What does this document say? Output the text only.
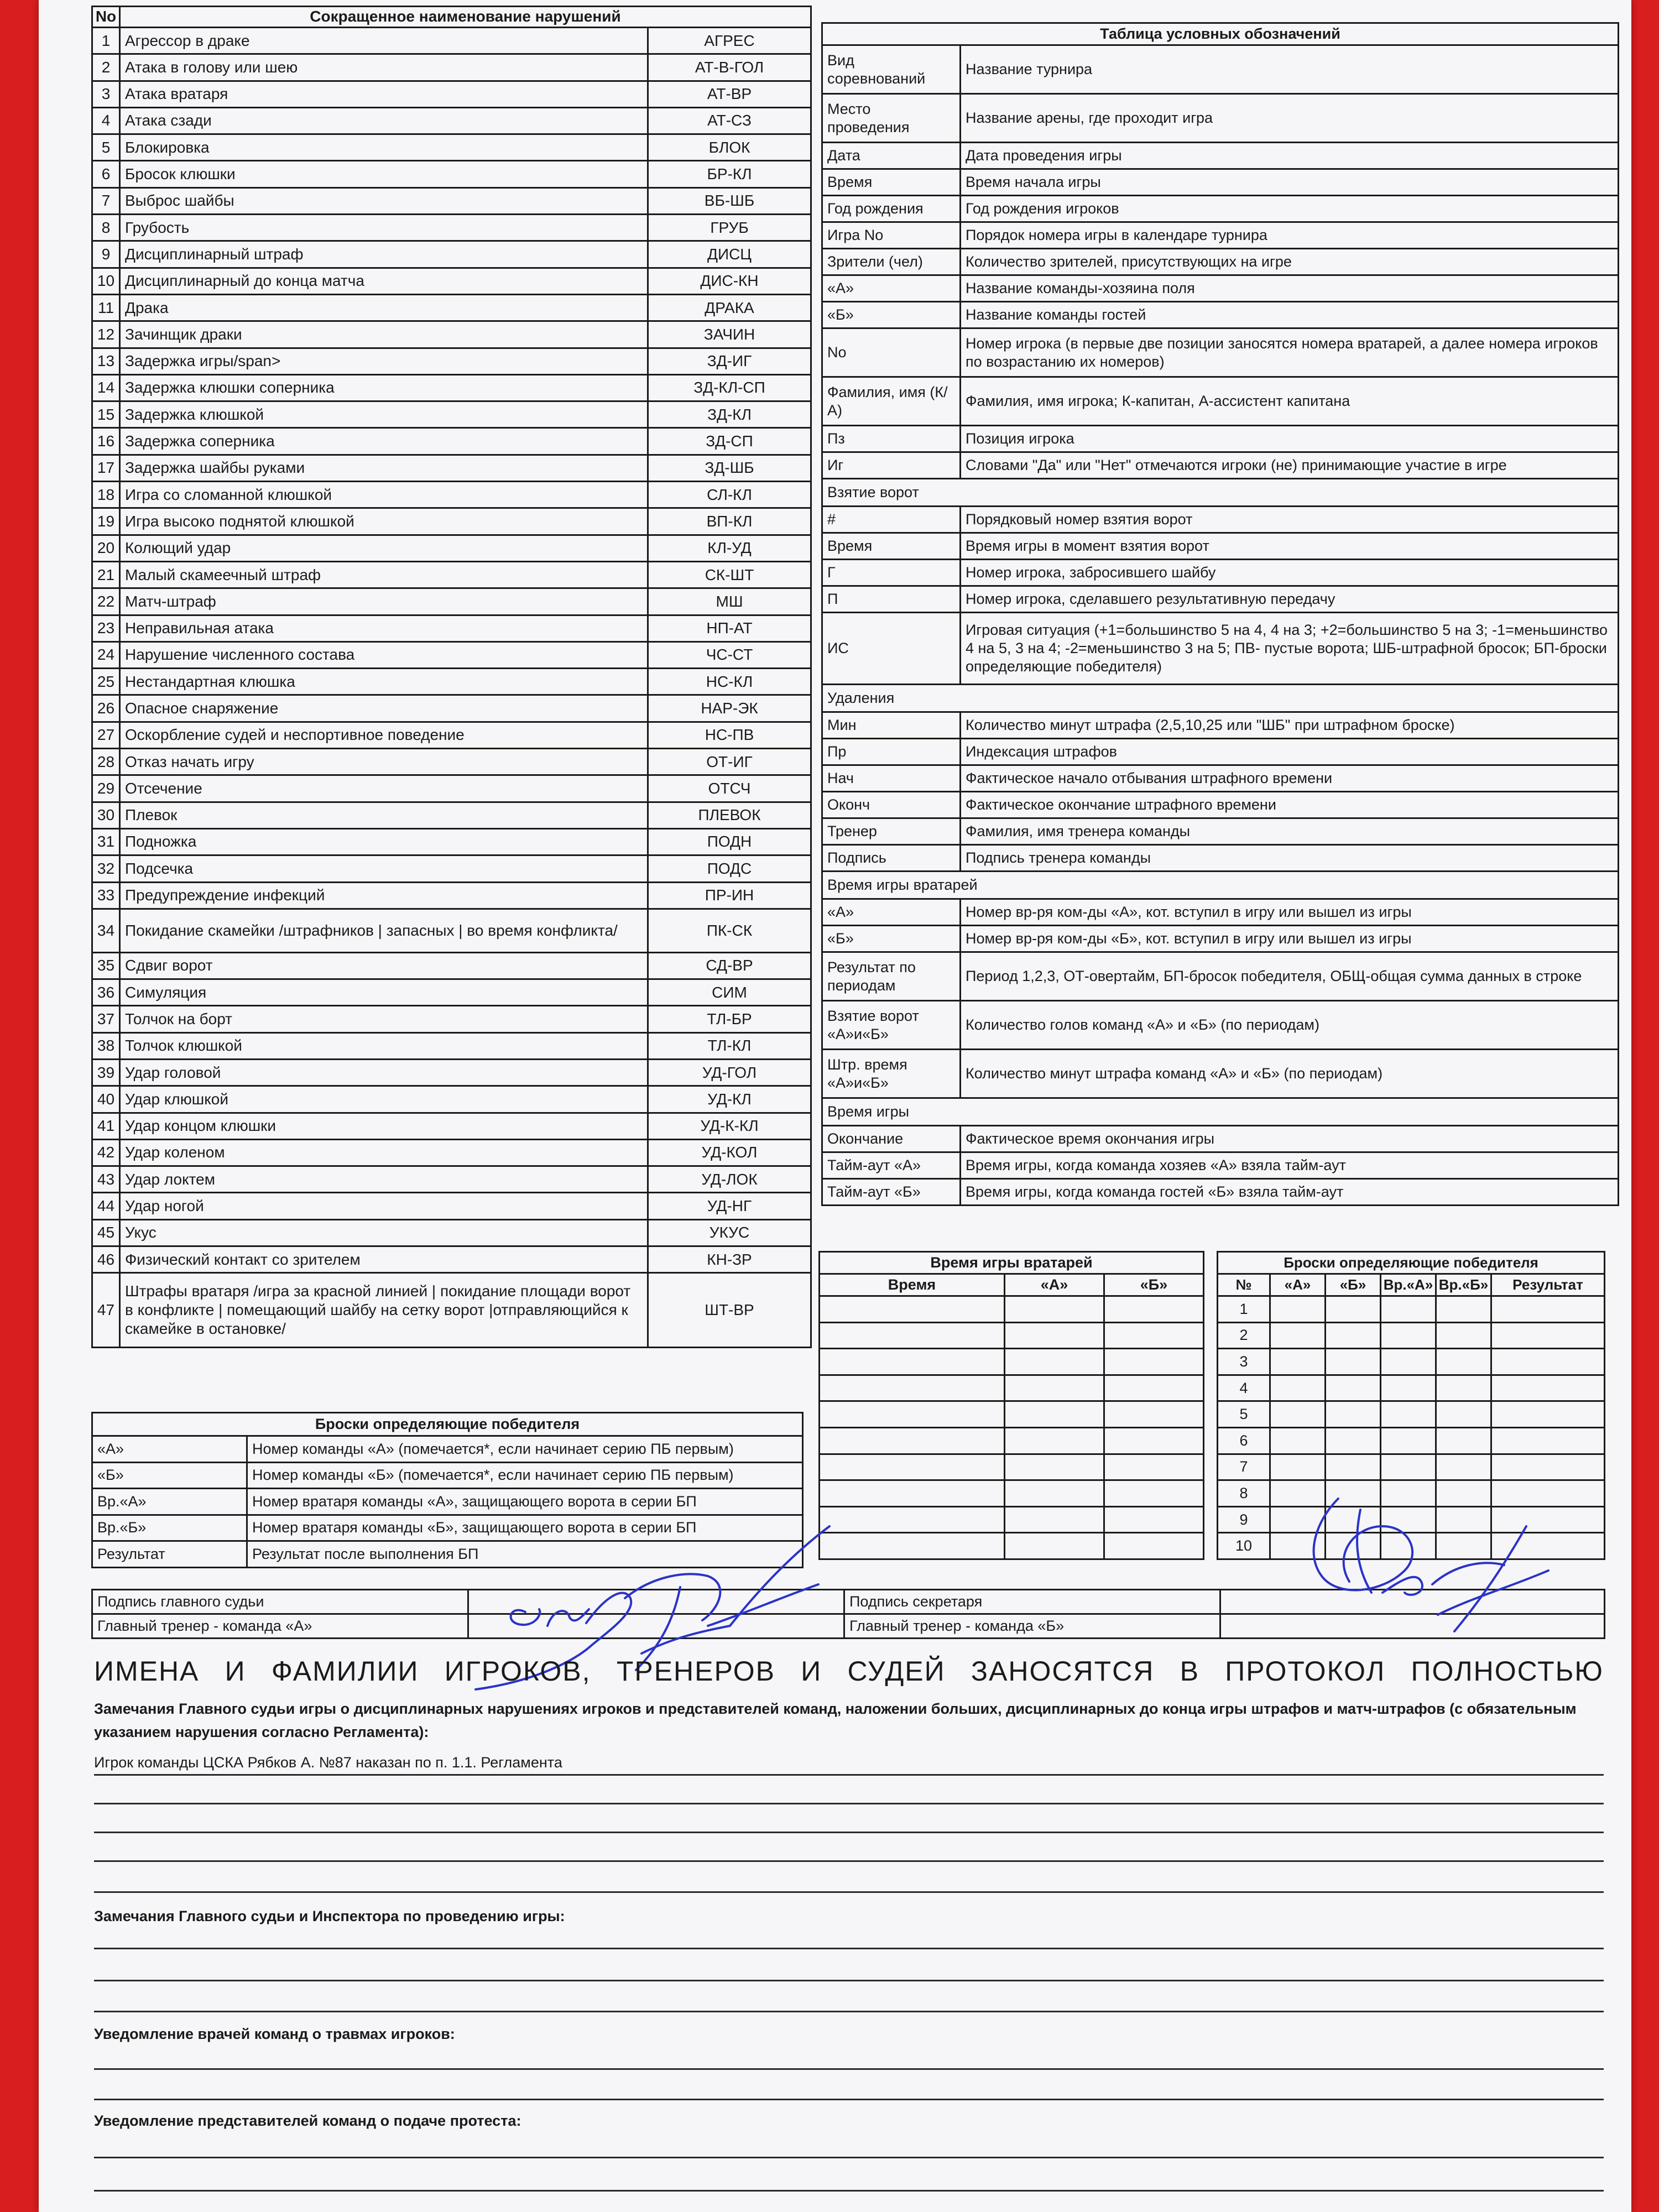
No	Сокращенное наименование нарушений	
1	Агрессор в драке	АГРЕС
2	Атака в голову или шею	АТ-В-ГОЛ
3	Атака вратаря	АТ-ВР
4	Атака сзади	АТ-СЗ
5	Блокировка	БЛОК
6	Бросок клюшки	БР-КЛ
7	Выброс шайбы	ВБ-ШБ
8	Грубость	ГРУБ
9	Дисциплинарный штраф	ДИСЦ
10	Дисциплинарный до конца матча	ДИС-КН
11	Драка	ДРАКА
12	Зачинщик драки	ЗАЧИН
13	Задержка игры/span>	ЗД-ИГ
14	Задержка клюшки соперника	ЗД-КЛ-СП
15	Задержка клюшкой	ЗД-КЛ
16	Задержка соперника	ЗД-СП
17	Задержка шайбы руками	ЗД-ШБ
18	Игра со сломанной клюшкой	СЛ-КЛ
19	Игра высоко поднятой клюшкой	ВП-КЛ
20	Колющий удар	КЛ-УД
21	Малый скамеечный штраф	СК-ШТ
22	Матч-штраф	МШ
23	Неправильная атака	НП-АТ
24	Нарушение численного состава	ЧС-СТ
25	Нестандартная клюшка	НС-КЛ
26	Опасное снаряжение	НАР-ЭК
27	Оскорбление судей и неспортивное поведение	НС-ПВ
28	Отказ начать игру	ОТ-ИГ
29	Отсечение	ОТСЧ
30	Плевок	ПЛЕВОК
31	Подножка	ПОДН
32	Подсечка	ПОДС
33	Предупреждение инфекций	ПР-ИН
34	Покидание скамейки /штрафников | запасных | во время конфликта/	ПК-СК
35	Сдвиг ворот	СД-ВР
36	Симуляция	СИМ
37	Толчок на борт	ТЛ-БР
38	Толчок клюшкой	ТЛ-КЛ
39	Удар головой	УД-ГОЛ
40	Удар клюшкой	УД-КЛ
41	Удар концом клюшки	УД-К-КЛ
42	Удар коленом	УД-КОЛ
43	Удар локтем	УД-ЛОК
44	Удар ногой	УД-НГ
45	Укус	УКУС
46	Физический контакт со зрителем	КН-ЗР
47	Штрафы вратаря /игра за красной линией | покидание площади ворот в конфликте | помещающий шайбу на сетку ворот |отправляющийся к скамейке в остановке/	ШТ-ВР
Таблица условных обозначений	
Вид соревнований	Название турнира
Место проведения	Название арены, где проходит игра
Дата	Дата проведения игры
Время	Время начала игры
Год рождения	Год рождения игроков
Игра No	Порядок номера игры в календаре турнира
Зрители (чел)	Количество зрителей, присутствующих на игре
«А»	Название команды-хозяина поля
«Б»	Название команды гостей
No	Номер игрока (в первые две позиции заносятся номера вратарей, а далее номера игроков по возрастанию их номеров)
Фамилия, имя (К/А)	Фамилия, имя игрока; К-капитан, А-ассистент капитана
Пз	Позиция игрока
Иг	Словами "Да" или "Нет" отмечаются игроки (не) принимающие участие в игре
Взятие ворот	
#	Порядковый номер взятия ворот
Время	Время игры в момент взятия ворот
Г	Номер игрока, забросившего шайбу
П	Номер игрока, сделавшего результативную передачу
ИС	Игровая ситуация (+1=большинство 5 на 4, 4 на 3; +2=большинство 5 на 3; -1=меньшинство 4 на 5, 3 на 4; -2=меньшинство 3 на 5; ПВ- пустые ворота; ШБ-штрафной бросок; БП-броски определяющие победителя)
Удаления	
Мин	Количество минут штрафа (2,5,10,25 или "ШБ" при штрафном броске)
Пр	Индексация штрафов
Нач	Фактическое начало отбывания штрафного времени
Оконч	Фактическое окончание штрафного времени
Тренер	Фамилия, имя тренера команды
Подпись	Подпись тренера команды
Время игры вратарей	
«А»	Номер вр-ря ком-ды «А», кот. вступил в игру или вышел из игры
«Б»	Номер вр-ря ком-ды «Б», кот. вступил в игру или вышел из игры
Результат по периодам	Период 1,2,3, ОТ-овертайм, БП-бросок победителя, ОБЩ-общая сумма данных в строке
Взятие ворот «А»и«Б»	Количество голов команд «А» и «Б» (по периодам)
Штр. время «А»и«Б»	Количество минут штрафа команд «А» и «Б» (по периодам)
Время игры	
Окончание	Фактическое время окончания игры
Тайм-аут «А»	Время игры, когда команда хозяев «А» взяла тайм-аут
Тайм-аут «Б»	Время игры, когда команда гостей «Б» взяла тайм-аут
Время игры вратарей		
Время	«А»	«Б»

Броски определяющие победителя					
№	«А»	«Б»	Вр.«А»	Вр.«Б»	Результат
1					
2					
3					
4					
5					
6					
7					
8					
9					
10					
Броски определяющие победителя	
«А»	Номер команды «А» (помечается*, если начинает серию ПБ первым)
«Б»	Номер команды «Б» (помечается*, если начинает серию ПБ первым)
Вр.«А»	Номер вратаря команды «А», защищающего ворота в серии БП
Вр.«Б»	Номер вратаря команды «Б», защищающего ворота в серии БП
Результат	Результат после выполнения БП
Подпись главного судьи		Подпись секретаря	
Главный тренер - команда «А»		Главный тренер - команда «Б»	
ИМЕНА И ФАМИЛИИ ИГРОКОВ, ТРЕНЕРОВ И СУДЕЙ ЗАНОСЯТСЯ В ПРОТОКОЛ ПОЛНОСТЬЮ
Замечания Главного судьи игры о дисциплинарных нарушениях игроков и представителей команд, наложении больших, дисциплинарных до конца игры штрафов и матч-штрафов (с обязательным указанием нарушения согласно Регламента):
Игрок команды ЦСКА Рябков А. №87 наказан по п. 1.1. Регламента
Замечания Главного судьи и Инспектора по проведению игры:
Уведомление врачей команд о травмах игроков:
Уведомление представителей команд о подаче протеста:
